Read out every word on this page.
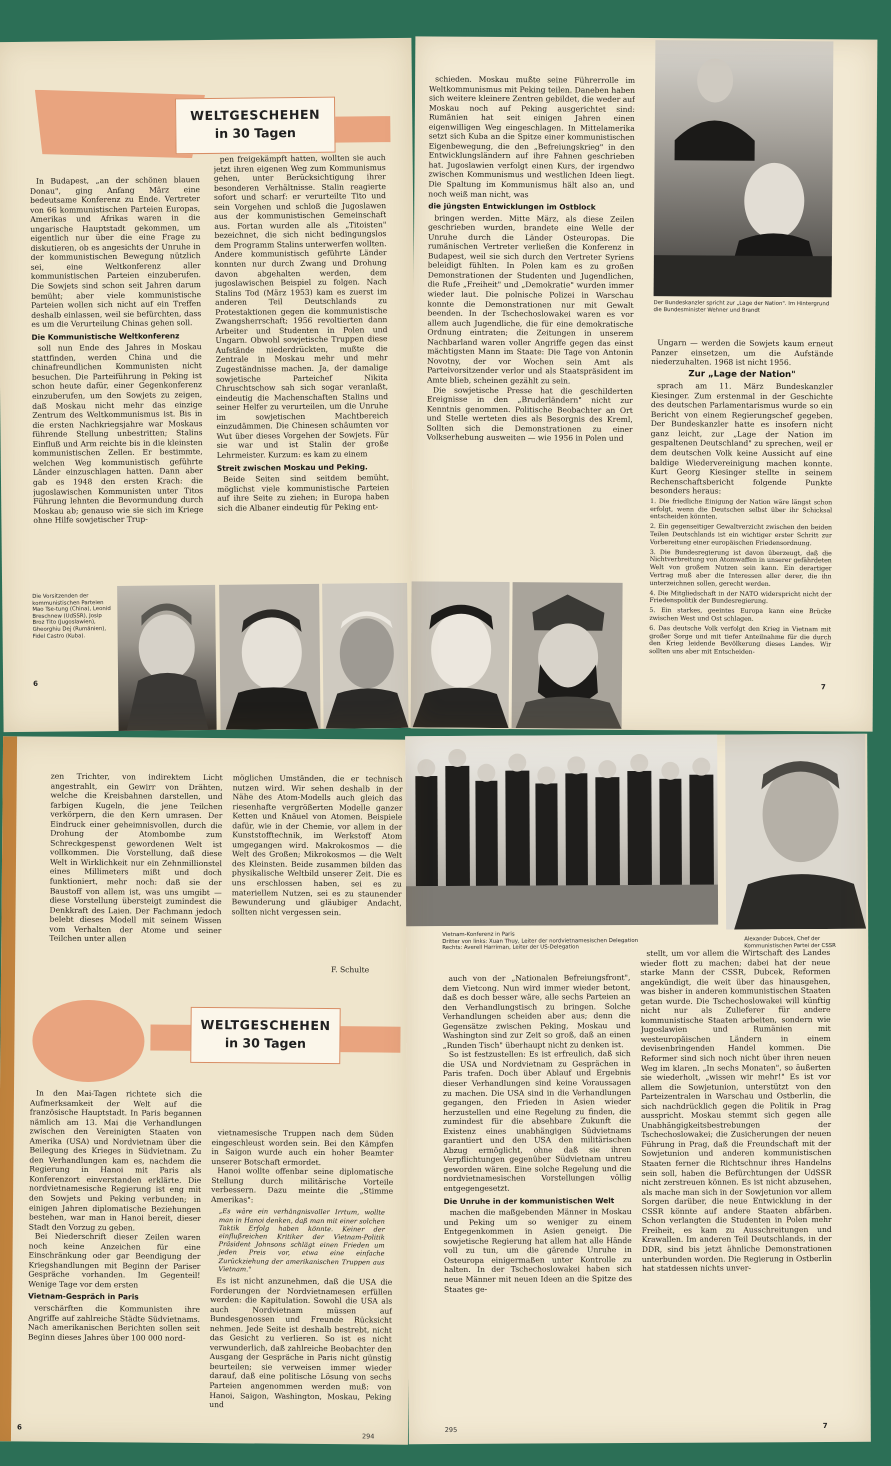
WELTGESCHEHEN
in 30 Tagen

In Budapest, „an der schönen blauen Donau", ging Anfang März eine bedeutsame Konferenz zu Ende. Vertreter von 66 kommunistischen Parteien Europas, Amerikas und Afrikas waren in die ungarische Hauptstadt gekommen, um eigentlich nur über die eine Frage zu diskutieren, ob es angesichts der Unruhe in der kommunistischen Bewegung nützlich sei, eine Weltkonferenz aller kommunistischen Parteien einzuberufen. Die Sowjets sind schon seit Jahren darum bemüht; aber viele kommunistische Parteien wollen sich nicht auf ein Treffen deshalb einlassen, weil sie befürchten, dass es um die Verurteilung Chinas gehen soll.

Die Kommunistische Weltkonferenz

soll nun Ende des Jahres in Moskau stattfinden, werden China und die chinafreundlichen Kommunisten nicht besuchen. Die Parteiführung in Peking ist schon heute dafür, einer Gegenkonferenz einzuberufen, um den Sowjets zu zeigen, daß Moskau nicht mehr das einzige Zentrum des Weltkommunismus ist. Bis in die ersten Nachkriegsjahre war Moskaus führende Stellung unbestritten; Stalins Einfluß und Arm reichte bis in die kleinsten kommunistischen Zellen. Er bestimmte, welchen Weg kommunistisch geführte Länder einzuschlagen hatten. Dann aber gab es 1948 den ersten Krach: die jugoslawischen Kommunisten unter Titos Führung lehnten die Bevormundung durch Moskau ab; genauso wie sie sich im Kriege ohne Hilfe sowjetischer Trup-

pen freigekämpft hatten, wollten sie auch jetzt ihren eigenen Weg zum Kommunismus gehen, unter Berücksichtigung ihrer besonderen Verhältnisse. Stalin reagierte sofort und scharf: er verurteilte Tito und sein Vorgehen und schloß die Jugoslawen aus der kommunistischen Gemeinschaft aus. Fortan wurden alle als „Titoisten" bezeichnet, die sich nicht bedingungslos dem Programm Stalins unterwerfen wollten. Andere kommunistisch geführte Länder konnten nur durch Zwang und Drohung davon abgehalten werden, dem jugoslawischen Beispiel zu folgen. Nach Stalins Tod (März 1953) kam es zuerst im anderen Teil Deutschlands zu Protestaktionen gegen die kommunistische Zwangsherrschaft; 1956 revoltierten dann Arbeiter und Studenten in Polen und Ungarn. Obwohl sowjetische Truppen diese Aufstände niederdrückten, mußte die Zentrale in Moskau mehr und mehr Zugeständnisse machen. Ja, der damalige sowjetische Parteichef Nikita Chruschtschow sah sich sogar veranlaßt, eindeutig die Machenschaften Stalins und seiner Helfer zu verurteilen, um die Unruhe im sowjetischen Machtbereich einzudämmen. Die Chinesen schäumten vor Wut über dieses Vorgehen der Sowjets. Für sie war und ist Stalin der große Lehrmeister. Kurzum: es kam zu einem

Streit zwischen Moskau und Peking.

Beide Seiten sind seitdem bemüht, möglichst viele kommunistische Parteien auf ihre Seite zu ziehen; in Europa haben sich die Albaner eindeutig für Peking ent-

Die Vorsitzenden der kommunistischen Parteien Mao Tse-tung (China), Leonid Breschnew (UdSSR), Josip Broz Tito (Jugoslawien), Gheorghiu Dej (Rumänien), Fidel Castro (Kuba).
6

schieden. Moskau mußte seine Führerrolle im Weltkommunismus mit Peking teilen. Daneben haben sich weitere kleinere Zentren gebildet, die weder auf Moskau noch auf Peking ausgerichtet sind: Rumänien hat seit einigen Jahren einen eigenwilligen Weg eingeschlagen. In Mittelamerika setzt sich Kuba an die Spitze einer kommunistischen Eigenbewegung, die den „Befreiungskrieg" in den Entwicklungsländern auf ihre Fahnen geschrieben hat. Jugoslawien verfolgt einen Kurs, der irgendwo zwischen Kommunismus und westlichen Ideen liegt. Die Spaltung im Kommunismus hält also an, und noch weiß man nicht, was

die jüngsten Entwicklungen im Ostblock

bringen werden. Mitte März, als diese Zeilen geschrieben wurden, brandete eine Welle der Unruhe durch die Länder Osteuropas. Die rumänischen Vertreter verließen die Konferenz in Budapest, weil sie sich durch den Vertreter Syriens beleidigt fühlten. In Polen kam es zu großen Demonstrationen der Studenten und Jugendlichen, die Rufe „Freiheit" und „Demokratie" wurden immer wieder laut. Die polnische Polizei in Warschau konnte die Demonstrationen nur mit Gewalt beenden. In der Tschechoslowakei waren es vor allem auch Jugendliche, die für eine demokratische Ordnung eintraten; die Zeitungen in unserem Nachbarland waren voller Angriffe gegen das einst mächtigsten Mann im Staate: Die Tage von Antonin Novotny, der vor Wochen sein Amt als Parteivorsitzender verlor und als Staatspräsident im Amte blieb, scheinen gezählt zu sein.

Die sowjetische Presse hat die geschilderten Ereignisse in den „Bruderländern" nicht zur Kenntnis genommen. Politische Beobachter an Ort und Stelle werteten dies als Besorgnis des Kreml, Sollten sich die Demonstrationen zu einer Volkserhebung ausweiten — wie 1956 in Polen und

Der Bundeskanzler spricht zur „Lage der Nation". Im Hintergrund die Bundesminister Wehner und Brandt

Ungarn — werden die Sowjets kaum erneut Panzer einsetzen, um die Aufstände niederzuhalten. 1968 ist nicht 1956.

Zur „Lage der Nation"

sprach am 11. März Bundeskanzler Kiesinger. Zum erstenmal in der Geschichte des deutschen Parlamentarismus wurde so ein Bericht von einem Regierungschef gegeben. Der Bundeskanzler hatte es insofern nicht ganz leicht, zur „Lage der Nation im gespaltenen Deutschland" zu sprechen, weil er dem deutschen Volk keine Aussicht auf eine baldige Wiedervereinigung machen konnte. Kurt Georg Kiesinger stellte in seinem Rechenschaftsbericht folgende Punkte besonders heraus:

1. Die friedliche Einigung der Nation wäre längst schon erfolgt, wenn die Deutschen selbst über ihr Schicksal entscheiden könnten.
2. Ein gegenseitiger Gewaltverzicht zwischen den beiden Teilen Deutschlands ist ein wichtiger erster Schritt zur Vorbereitung einer europäischen Friedensordnung.
3. Die Bundesregierung ist davon überzeugt, daß die Nichtverbreitung von Atomwaffen in unserer gefährdeten Welt von großem Nutzen sein kann. Ein derartiger Vertrag muß aber die Interessen aller derer, die ihn unterzeichnen sollen, gerecht werden.
4. Die Mitgliedschaft in der NATO widerspricht nicht der Friedenspolitik der Bundesregierung.
5. Ein starkes, geeintes Europa kann eine Brücke zwischen West und Ost schlagen.
6. Das deutsche Volk verfolgt den Krieg in Vietnam mit großer Sorge und mit tiefer Anteilnahme für die durch den Krieg leidende Bevölkerung dieses Landes. Wir sollten uns aber mit Entscheiden-
7

zen Trichter, von indirektem Licht angestrahlt, ein Gewirr von Drähten, welche die Kreisbahnen darstellen, und farbigen Kugeln, die jene Teilchen verkörpern, die den Kern umrasen. Der Eindruck einer geheimnisvollen, durch die Drohung der Atombombe zum Schreckgespenst gewordenen Welt ist vollkommen. Die Vorstellung, daß diese Welt in Wirklichkeit nur ein Zehnmillionstel eines Millimeters mißt und doch funktioniert, mehr noch: daß sie der Baustoff von allem ist, was uns umgibt — diese Vorstellung übersteigt zumindest die Denkkraft des Laien. Der Fachmann jedoch belebt dieses Modell mit seinem Wissen vom Verhalten der Atome und seiner Teilchen unter allen

möglichen Umständen, die er technisch nutzen wird. Wir sehen deshalb in der Nähe des Atom-Modells auch gleich das riesenhafte vergrößerten Modelle ganzer Ketten und Knäuel von Atomen. Beispiele dafür, wie in der Chemie, vor allem in der Kunststofftechnik, im Werkstoff Atom umgegangen wird. Makrokosmos — die Welt des Großen; Mikrokosmos — die Welt des Kleinsten. Beide zusammen bilden das physikalische Weltbild unserer Zeit. Die es uns erschlossen haben, sei es zu materiellem Nutzen, sei es zu staunender Bewunderung und gläubiger Andacht, sollten nicht vergessen sein.

F. Schulte
WELTGESCHEHEN
in 30 Tagen

In den Mai-Tagen richtete sich die Aufmerksamkeit der Welt auf die französische Hauptstadt. In Paris begannen nämlich am 13. Mai die Verhandlungen zwischen den Vereinigten Staaten von Amerika (USA) und Nordvietnam über die Beilegung des Krieges in Südvietnam. Zu den Verhandlungen kam es, nachdem die Regierung in Hanoi mit Paris als Konferenzort einverstanden erklärte. Die nordvietnamesische Regierung ist eng mit den Sowjets und Peking verbunden; in einigen Jahren diplomatische Beziehungen bestehen, war man in Hanoi bereit, dieser Stadt den Vorzug zu geben.

Bei Niederschrift dieser Zeilen waren noch keine Anzeichen für eine Einschränkung oder gar Beendigung der Kriegshandlungen mit Beginn der Pariser Gespräche vorhanden. Im Gegenteil! Wenige Tage vor dem ersten

Vietnam-Gespräch in Paris

verschärften die Kommunisten ihre Angriffe auf zahlreiche Städte Südvietnams. Nach amerikanischen Berichten sollen seit Beginn dieses Jahres über 100 000 nord-

vietnamesische Truppen nach dem Süden eingeschleust worden sein. Bei den Kämpfen in Saigon wurde auch ein hoher Beamter unserer Botschaft ermordet.

Hanoi wollte offenbar seine diplomatische Stellung durch militärische Vorteile verbessern. Dazu meinte die „Stimme Amerikas":

„Es wäre ein verhängnisvoller Irrtum, wollte man in Hanoi denken, daß man mit einer solchen Taktik Erfolg haben könnte. Keiner der einflußreichen Kritiker der Vietnam-Politik Präsident Johnsons schlägt einen Frieden um jeden Preis vor, etwa eine einfache Zurückziehung der amerikanischen Truppen aus Vietnam."

Es ist nicht anzunehmen, daß die USA die Forderungen der Nordvietnamesen erfüllen werden: die Kapitulation. Sowohl die USA als auch Nordvietnam müssen auf Bundesgenossen und Freunde Rücksicht nehmen. Jede Seite ist deshalb bestrebt, nicht das Gesicht zu verlieren. So ist es nicht verwunderlich, daß zahlreiche Beobachter den Ausgang der Gespräche in Paris nicht günstig beurteilen; sie verweisen immer wieder darauf, daß eine politische Lösung von sechs Parteien angenommen werden muß: von Hanoi, Saigon, Washington, Moskau, Peking und

6
294
Vietnam-Konferenz in Paris
Dritter von links: Xuan Thuy, Leiter der nordvietnamesischen Delegation
Rechts: Averell Harriman, Leiter der US-Delegation
Alexander Dubcek, Chef der Kommunistischen Partei der CSSR

auch von der „Nationalen Befreiungsfront", dem Vietcong. Nun wird immer wieder betont, daß es doch besser wäre, alle sechs Parteien an den Verhandlungstisch zu bringen. Solche Verhandlungen scheiden aber aus; denn die Gegensätze zwischen Peking, Moskau und Washington sind zur Zeit so groß, daß an einen „Runden Tisch" überhaupt nicht zu denken ist.

So ist festzustellen: Es ist erfreulich, daß sich die USA und Nordvietnam zu Gesprächen in Paris trafen. Doch über Ablauf und Ergebnis dieser Verhandlungen sind keine Voraussagen zu machen. Die USA sind in die Verhandlungen gegangen, den Frieden in Asien wieder herzustellen und eine Regelung zu finden, die zumindest für die absehbare Zukunft die Existenz eines unabhängigen Südvietnams garantiert und den USA den militärischen Abzug ermöglicht, ohne daß sie ihren Verpflichtungen gegenüber Südvietnam untreu geworden wären. Eine solche Regelung und die nordvietnamesischen Vorstellungen völlig entgegengesetzt.

Die Unruhe in der kommunistischen Welt

machen die maßgebenden Männer in Moskau und Peking um so weniger zu einem Entgegenkommen in Asien geneigt. Die sowjetische Regierung hat allem hat alle Hände voll zu tun, um die gärende Unruhe in Osteuropa einigermaßen unter Kontrolle zu halten. In der Tschechoslowakei haben sich neue Männer mit neuen Ideen an die Spitze des Staates ge-

stellt, um vor allem die Wirtschaft des Landes wieder flott zu machen; dabei hat der neue starke Mann der CSSR, Dubcek, Reformen angekündigt, die weit über das hinausgehen, was bisher in anderen kommunistischen Staaten getan wurde. Die Tschechoslowakei will künftig nicht nur als Zulieferer für andere kommunistische Staaten arbeiten, sondern wie Jugoslawien und Rumänien mit westeuropäischen Ländern in einem devisenbringenden Handel kommen. Die Reformer sind sich noch nicht über ihren neuen Weg im klaren. „In sechs Monaten", so äußerten sie wiederholt, „wissen wir mehr!" Es ist vor allem die Sowjetunion, unterstützt von den Parteizentralen in Warschau und Ostberlin, die sich nachdrücklich gegen die Politik in Prag ausspricht. Moskau stemmt sich gegen alle Unabhängigkeitsbestrebungen der Tschechoslowakei; die Zusicherungen der neuen Führung in Prag, daß die Freundschaft mit der Sowjetunion und anderen kommunistischen Staaten ferner die Richtschnur ihres Handelns sein soll, haben die Befürchtungen der UdSSR nicht zerstreuen können. Es ist nicht abzusehen, als mache man sich in der Sowjetunion vor allem Sorgen darüber, die neue Entwicklung in der CSSR könnte auf andere Staaten abfärben. Schon verlangten die Studenten in Polen mehr Freiheit, es kam zu Ausschreitungen und Krawallen. Im anderen Teil Deutschlands, in der DDR, sind bis jetzt ähnliche Demonstrationen unterbunden worden. Die Regierung in Ostberlin hat statdessen nichts unver-

295	7
